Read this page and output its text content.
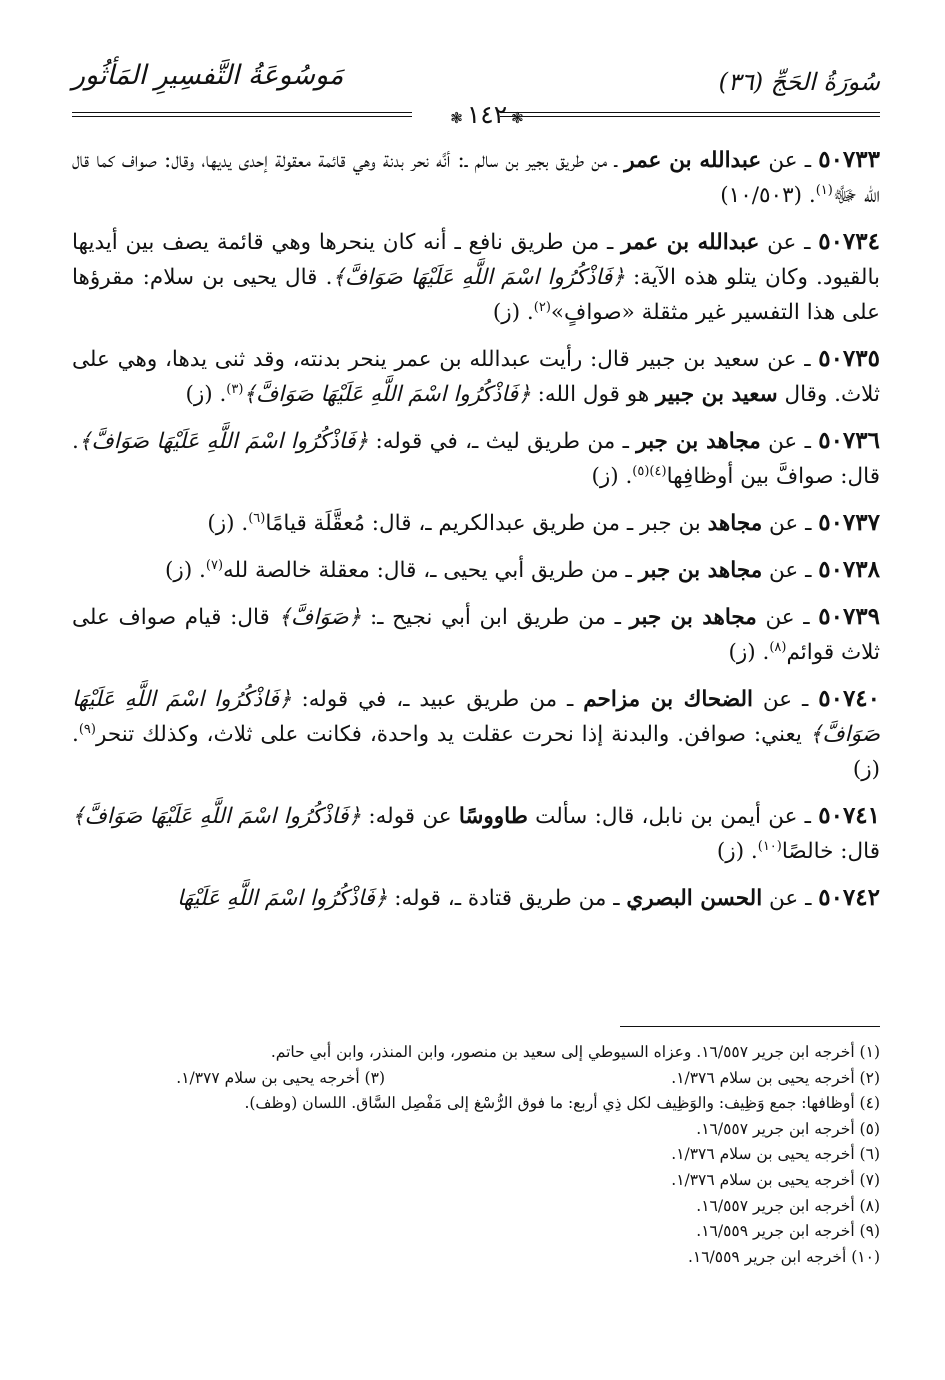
سُورَةُ الحَجِّ (٣٦)
مَوسُوعَةُ التَّفسِيرِ المَأثُور
❃١٤٢❃

٥٠٧٣٣ ـ عن عبدالله بن عمر ـ من طريق بجير بن سالم ـ: أنَّه نحر بدنة وهي قائمة معقولة إحدى يديها، وقال: صواف كما قال الله ﷻ$^{(١)}$. (١٠/٥٠٣)

٥٠٧٣٤ ـ عن عبدالله بن عمر ـ من طريق نافع ـ أنه كان ينحرها وهي قائمة يصف بين أيديها بالقيود. وكان يتلو هذه الآية: ﴿فَاذْكُرُوا اسْمَ اللَّهِ عَلَيْهَا صَوَافَّ﴾. قال يحيى بن سلام: مقرؤها على هذا التفسير غير مثقلة «صوافٍ»$^{(٢)}$. (ز)

٥٠٧٣٥ ـ عن سعيد بن جبير قال: رأيت عبدالله بن عمر ينحر بدنته، وقد ثنى يدها، وهي على ثلاث. وقال سعيد بن جبير هو قول الله: ﴿فَاذْكُرُوا اسْمَ اللَّهِ عَلَيْهَا صَوَافَّ﴾$^{(٣)}$. (ز)

٥٠٧٣٦ ـ عن مجاهد بن جبر ـ من طريق ليث ـ، في قوله: ﴿فَاذْكُرُوا اسْمَ اللَّهِ عَلَيْهَا صَوَافَّ﴾. قال: صوافَّ بين أوظافِها$^{(٤)(٥)}$. (ز)

٥٠٧٣٧ ـ عن مجاهد بن جبر ـ من طريق عبدالكريم ـ، قال: مُعقَّلَة قيامًا$^{(٦)}$. (ز)

٥٠٧٣٨ ـ عن مجاهد بن جبر ـ من طريق أبي يحيى ـ، قال: معقلة خالصة لله$^{(٧)}$. (ز)

٥٠٧٣٩ ـ عن مجاهد بن جبر ـ من طريق ابن أبي نجيح ـ: ﴿صَوَافَّ﴾ قال: قيام صواف على ثلاث قوائم$^{(٨)}$. (ز)

٥٠٧٤٠ ـ عن الضحاك بن مزاحم ـ من طريق عبيد ـ، في قوله: ﴿فَاذْكُرُوا اسْمَ اللَّهِ عَلَيْهَا صَوَافَّ﴾ يعني: صوافن. والبدنة إذا نحرت عقلت يد واحدة، فكانت على ثلاث، وكذلك تنحر$^{(٩)}$. (ز)

٥٠٧٤١ ـ عن أيمن بن نابل، قال: سألت طاووسًا عن قوله: ﴿فَاذْكُرُوا اسْمَ اللَّهِ عَلَيْهَا صَوَافَّ﴾ قال: خالصًا$^{(١٠)}$. (ز)

٥٠٧٤٢ ـ عن الحسن البصري ـ من طريق قتادة ـ، قوله: ﴿فَاذْكُرُوا اسْمَ اللَّهِ عَلَيْهَا

(١) أخرجه ابن جرير ١٦/٥٥٧. وعزاه السيوطي إلى سعيد بن منصور، وابن المنذر، وابن أبي حاتم.
(٢) أخرجه يحيى بن سلام ١/٣٧٦.
(٣) أخرجه يحيى بن سلام ١/٣٧٧.
(٤) أوظافها: جمع وَظِيف: والوَظِيف لكل ذِي أربع: ما فوق الرُّسْغ إلى مَفْصِل السَّاق. اللسان (وظف).
(٥) أخرجه ابن جرير ١٦/٥٥٧.
(٦) أخرجه يحيى بن سلام ١/٣٧٦.
(٧) أخرجه يحيى بن سلام ١/٣٧٦.
(٨) أخرجه ابن جرير ١٦/٥٥٧.
(٩) أخرجه ابن جرير ١٦/٥٥٩.
(١٠) أخرجه ابن جرير ١٦/٥٥٩.
